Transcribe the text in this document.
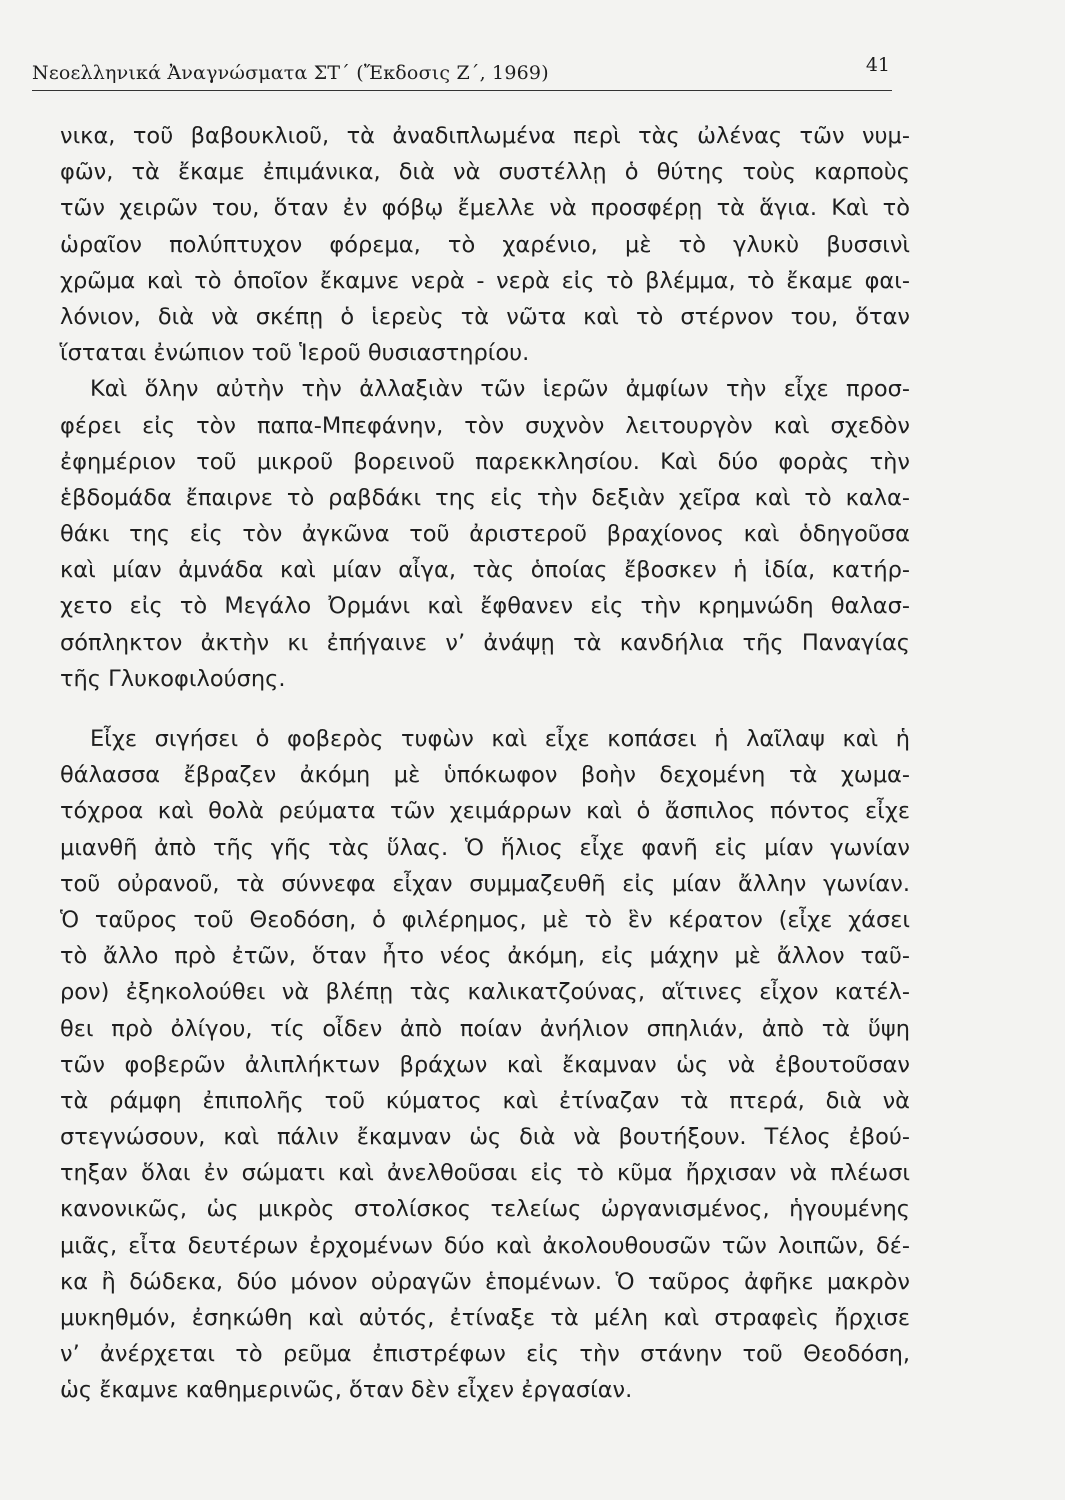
Νεοελληνικά Ἀναγνώσματα ΣΤ΄ (Ἔκδοσις Ζ΄, 1969)	41
νικα, τοῦ βαβουκλιοῦ, τὰ ἀναδιπλωμένα περὶ τὰς ὠλένας τῶν νυμ-
φῶν, τὰ ἔκαμε ἐπιμάνικα, διὰ νὰ συστέλλῃ ὁ θύτης τοὺς καρποὺς
τῶν χειρῶν του, ὅταν ἐν φόβῳ ἔμελλε νὰ προσφέρῃ τὰ ἅγια. Καὶ τὸ
ὡραῖον πολύπτυχον φόρεμα, τὸ χαρένιο, μὲ τὸ γλυκὺ βυσσινὶ
χρῶμα καὶ τὸ ὁποῖον ἔκαμνε νερὰ - νερὰ εἰς τὸ βλέμμα, τὸ ἔκαμε φαι-
λόνιον, διὰ νὰ σκέπῃ ὁ ἱερεὺς τὰ νῶτα καὶ τὸ στέρνον του, ὅταν
ἵσταται ἐνώπιον τοῦ Ἱεροῦ θυσιαστηρίου.
Καὶ ὅλην αὐτὴν τὴν ἀλλαξιὰν τῶν ἱερῶν ἀμφίων τὴν εἶχε προσ-
φέρει εἰς τὸν παπα-Μπεφάνην, τὸν συχνὸν λειτουργὸν καὶ σχεδὸν
ἐφημέριον τοῦ μικροῦ βορεινοῦ παρεκκλησίου. Καὶ δύο φορὰς τὴν
ἑβδομάδα ἔπαιρνε τὸ ραβδάκι της εἰς τὴν δεξιὰν χεῖρα καὶ τὸ καλα-
θάκι της εἰς τὸν ἀγκῶνα τοῦ ἀριστεροῦ βραχίονος καὶ ὁδηγοῦσα
καὶ μίαν ἀμνάδα καὶ μίαν αἶγα, τὰς ὁποίας ἔβοσκεν ἡ ἰδία, κατήρ-
χετο εἰς τὸ Μεγάλο Ὀρμάνι καὶ ἔφθανεν εἰς τὴν κρημνώδη θαλασ-
σόπληκτον ἀκτὴν κι ἐπήγαινε ν’ ἀνάψῃ τὰ κανδήλια τῆς Παναγίας
τῆς Γλυκοφιλούσης.
Εἶχε σιγήσει ὁ φοβερὸς τυφὼν καὶ εἶχε κοπάσει ἡ λαῖλαψ καὶ ἡ
θάλασσα ἔβραζεν ἀκόμη μὲ ὑπόκωφον βοὴν δεχομένη τὰ χωμα-
τόχροα καὶ θολὰ ρεύματα τῶν χειμάρρων καὶ ὁ ἄσπιλος πόντος εἶχε
μιανθῆ ἀπὸ τῆς γῆς τὰς ὕλας. Ὁ ἥλιος εἶχε φανῆ εἰς μίαν γωνίαν
τοῦ οὐρανοῦ, τὰ σύννεφα εἶχαν συμμαζευθῆ εἰς μίαν ἄλλην γωνίαν.
Ὁ ταῦρος τοῦ Θεοδόση, ὁ φιλέρημος, μὲ τὸ ἓν κέρατον (εἶχε χάσει
τὸ ἄλλο πρὸ ἐτῶν, ὅταν ἦτο νέος ἀκόμη, εἰς μάχην μὲ ἄλλον ταῦ-
ρον) ἐξηκολούθει νὰ βλέπῃ τὰς καλικατζούνας, αἵτινες εἶχον κατέλ-
θει πρὸ ὀλίγου, τίς οἶδεν ἀπὸ ποίαν ἀνήλιον σπηλιάν, ἀπὸ τὰ ὕψη
τῶν φοβερῶν ἀλιπλήκτων βράχων καὶ ἔκαμναν ὡς νὰ ἐβουτοῦσαν
τὰ ράμφη ἐπιπολῆς τοῦ κύματος καὶ ἐτίναζαν τὰ πτερά, διὰ νὰ
στεγνώσουν, καὶ πάλιν ἔκαμναν ὡς διὰ νὰ βουτήξουν. Τέλος ἐβού-
τηξαν ὅλαι ἐν σώματι καὶ ἀνελθοῦσαι εἰς τὸ κῦμα ἤρχισαν νὰ πλέωσι
κανονικῶς, ὡς μικρὸς στολίσκος τελείως ὠργανισμένος, ἡγουμένης
μιᾶς, εἶτα δευτέρων ἐρχομένων δύο καὶ ἀκολουθουσῶν τῶν λοιπῶν, δέ-
κα ἢ δώδεκα, δύο μόνον οὐραγῶν ἑπομένων. Ὁ ταῦρος ἀφῆκε μακρὸν
μυκηθμόν, ἐσηκώθη καὶ αὐτός, ἐτίναξε τὰ μέλη καὶ στραφεὶς ἤρχισε
ν’ ἀνέρχεται τὸ ρεῦμα ἐπιστρέφων εἰς τὴν στάνην τοῦ Θεοδόση,
ὡς ἔκαμνε καθημερινῶς, ὅταν δὲν εἶχεν ἐργασίαν.
